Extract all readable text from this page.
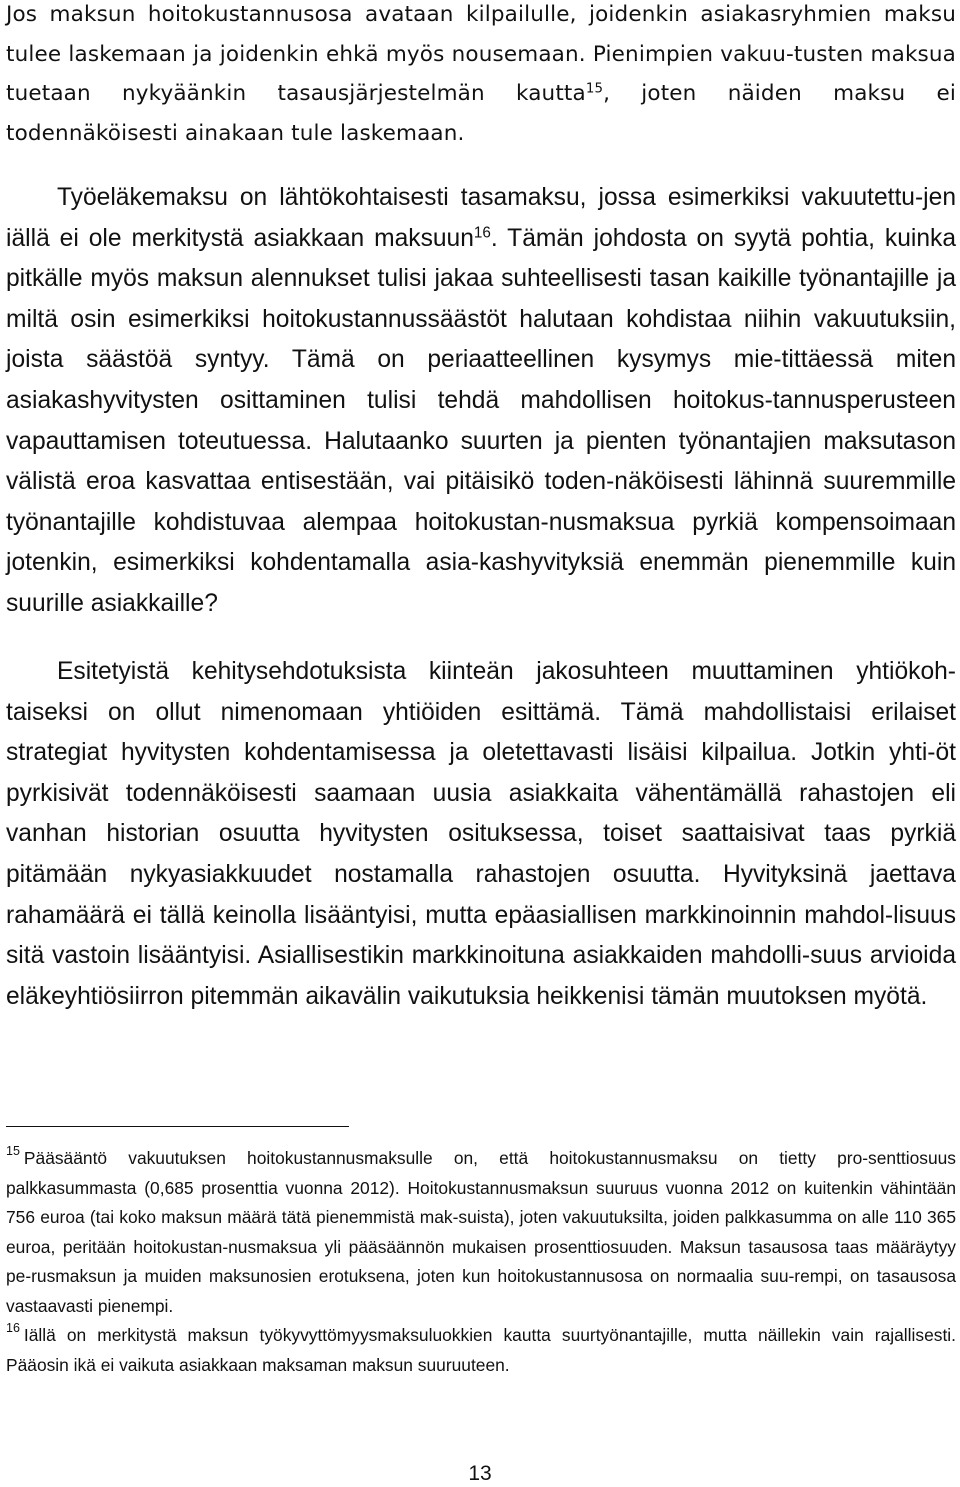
Jos maksun hoitokustannusosa avataan kilpailulle, joidenkin asiakasryhmien maksu tulee laskemaan ja joidenkin ehkä myös nousemaan. Pienimpien vakuu-tusten maksua tuetaan nykyäänkin tasausjärjestelmän kautta$^{15}$, joten näiden maksu ei todennäköisesti ainakaan tule laskemaan.

Työeläkemaksu on lähtökohtaisesti tasamaksu, jossa esimerkiksi vakuutettu-jen iällä ei ole merkitystä asiakkaan maksuun$^{16}$. Tämän johdosta on syytä pohtia, kuinka pitkälle myös maksun alennukset tulisi jakaa suhteellisesti tasan kaikille työnantajille ja miltä osin esimerkiksi hoitokustannussäästöt halutaan kohdistaa niihin vakuutuksiin, joista säästöä syntyy. Tämä on periaatteellinen kysymys mie-tittäessä miten asiakashyvitysten osittaminen tulisi tehdä mahdollisen hoitokus-tannusperusteen vapauttamisen toteutuessa. Halutaanko suurten ja pienten työnantajien maksutason välistä eroa kasvattaa entisestään, vai pitäisikö toden-näköisesti lähinnä suuremmille työnantajille kohdistuvaa alempaa hoitokustan-nusmaksua pyrkiä kompensoimaan jotenkin, esimerkiksi kohdentamalla asia-kashyvityksiä enemmän pienemmille kuin suurille asiakkaille?

Esitetyistä kehitysehdotuksista kiinteän jakosuhteen muuttaminen yhtiökoh-taiseksi on ollut nimenomaan yhtiöiden esittämä. Tämä mahdollistaisi erilaiset strategiat hyvitysten kohdentamisessa ja oletettavasti lisäisi kilpailua. Jotkin yhti-öt pyrkisivät todennäköisesti saamaan uusia asiakkaita vähentämällä rahastojen eli vanhan historian osuutta hyvitysten osituksessa, toiset saattaisivat taas pyrkiä pitämään nykyasiakkuudet nostamalla rahastojen osuutta. Hyvityksinä jaettava rahamäärä ei tällä keinolla lisääntyisi, mutta epäasiallisen markkinoinnin mahdol-lisuus sitä vastoin lisääntyisi. Asiallisestikin markkinoituna asiakkaiden mahdolli-suus arvioida eläkeyhtiösiirron pitemmän aikavälin vaikutuksia heikkenisi tämän muutoksen myötä.

$^{15}$ Pääsääntö vakuutuksen hoitokustannusmaksulle on, että hoitokustannusmaksu on tietty pro-senttiosuus palkkasummasta (0,685 prosenttia vuonna 2012). Hoitokustannusmaksun suuruus vuonna 2012 on kuitenkin vähintään 756 euroa (tai koko maksun määrä tätä pienemmistä mak-suista), joten vakuutuksilta, joiden palkkasumma on alle 110 365 euroa, peritään hoitokustan-nusmaksua yli pääsäännön mukaisen prosenttiosuuden. Maksun tasausosa taas määräytyy pe-rusmaksun ja muiden maksunosien erotuksena, joten kun hoitokustannusosa on normaalia suu-rempi, on tasausosa vastaavasti pienempi.

$^{16}$ Iällä on merkitystä maksun työkyvyttömyysmaksuluokkien kautta suurtyönantajille, mutta näillekin vain rajallisesti. Pääosin ikä ei vaikuta asiakkaan maksaman maksun suuruuteen.

13
